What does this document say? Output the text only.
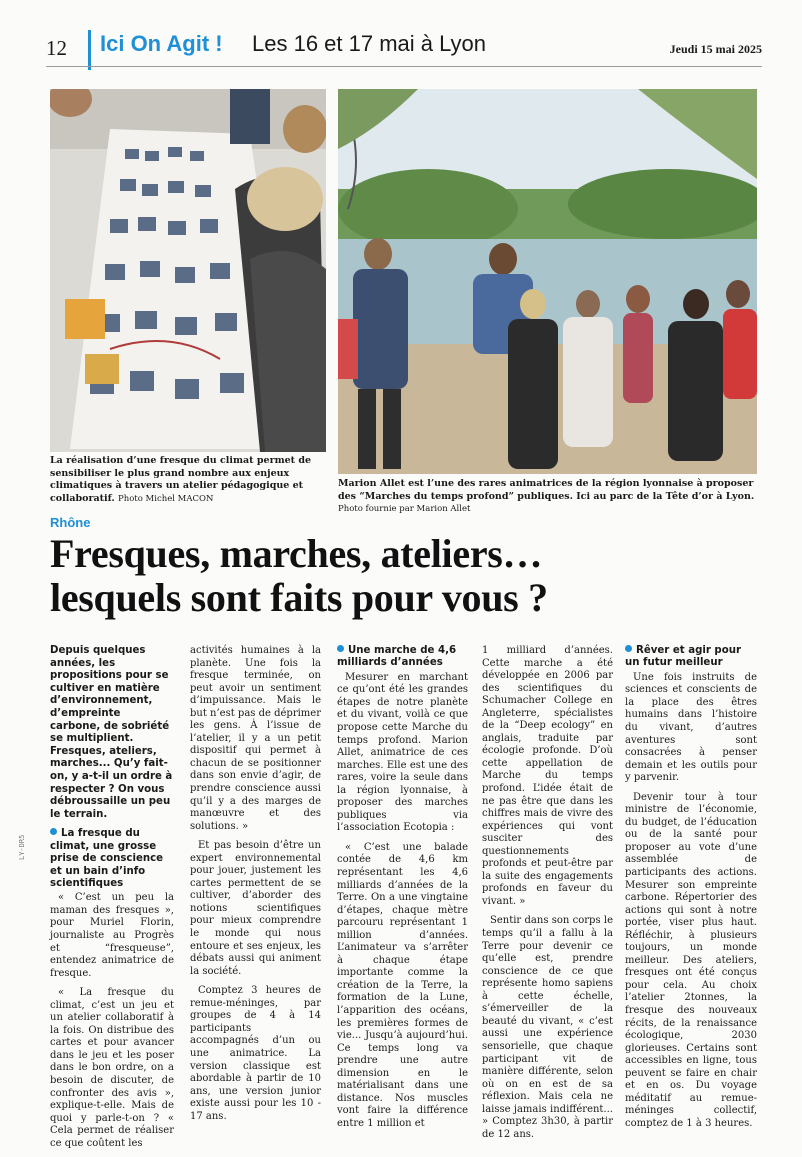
12 Ici On Agit ! Les 16 et 17 mai à Lyon	Jeudi 15 mai 2025
La réalisation d’une fresque du climat permet de sensibiliser le plus grand nombre aux enjeux climatiques à travers un atelier pédagogique et collaboratif. Photo Michel MACON
Marion Allet est l’une des rares animatrices de la région lyonnaise à proposer des “Marches du temps profond” publiques. Ici au parc de la Tête d’or à Lyon. Photo fournie par Marion Allet
Rhône
Fresques, marches, ateliers…
lesquels sont faits pour vous ?

Depuis quelques années, les propositions pour se cultiver en matière d’environnement, d’empreinte carbone, de sobriété se multiplient. Fresques, ateliers, marches... Qu’y fait-on, y a-t-il un ordre à respecter ? On vous débroussaille un peu le terrain.

La fresque du climat, une grosse prise de conscience et un bain d’info scientifiques

« C’est un peu la maman des fresques », pour Muriel Florin, journaliste au Progrès et “fresqueuse”, entendez animatrice de fresque.

« La fresque du climat, c’est un jeu et un atelier collaboratif à la fois. On distribue des cartes et pour avancer dans le jeu et les poser dans le bon ordre, on a besoin de discuter, de confronter des avis », explique-t-elle. Mais de quoi y parle-t-on ? « Cela permet de réaliser ce que coûtent les

activités humaines à la planète. Une fois la fresque terminée, on peut avoir un sentiment d’impuissance. Mais le but n’est pas de déprimer les gens. À l’issue de l’atelier, il y a un petit dispositif qui permet à chacun de se positionner dans son envie d’agir, de prendre conscience aussi qu’il y a des marges de manœuvre et des solutions. »

Et pas besoin d’être un expert environnemental pour jouer, justement les cartes permettent de se cultiver, d’aborder des notions scientifiques pour mieux comprendre le monde qui nous entoure et ses enjeux, les débats aussi qui animent la société.

Comptez 3 heures de remue-méninges, par groupes de 4 à 14 participants accompagnés d’un ou une animatrice. La version classique est abordable à partir de 10 ans, une version junior existe aussi pour les 10 - 17 ans.

Une marche de 4,6 milliards d’années

Mesurer en marchant ce qu’ont été les grandes étapes de notre planète et du vivant, voilà ce que propose cette Marche du temps profond. Marion Allet, animatrice de ces marches. Elle est une des rares, voire la seule dans la région lyonnaise, à proposer des marches publiques via l’association Ecotopia :

« C’est une balade contée de 4,6 km représentant les 4,6 milliards d’années de la Terre. On a une vingtaine d’étapes, chaque mètre parcouru représentant 1 million d’années. L’animateur va s’arrêter à chaque étape importante comme la création de la Terre, la formation de la Lune, l’apparition des océans, les premières formes de vie... Jusqu’à aujourd’hui. Ce temps long va prendre une autre dimension en le matérialisant dans une distance. Nos muscles vont faire la différence entre 1 million et

1 milliard d’années. Cette marche a été développée en 2006 par des scientifiques du Schumacher College en Angleterre, spécialistes de la “Deep ecology” en anglais, traduite par écologie profonde. D’où cette appellation de Marche du temps profond. L’idée était de ne pas être que dans les chiffres mais de vivre des expériences qui vont susciter des questionnements profonds et peut-être par la suite des engagements profonds en faveur du vivant. »

Sentir dans son corps le temps qu’il a fallu à la Terre pour devenir ce qu’elle est, prendre conscience de ce que représente homo sapiens à cette échelle, s’émerveiller de la beauté du vivant, « c’est aussi une expérience sensorielle, que chaque participant vit de manière différente, selon où on en est de sa réflexion. Mais cela ne laisse jamais indifférent... » Comptez 3h30, à partir de 12 ans.

Rêver et agir pour un futur meilleur

Une fois instruits de sciences et conscients de la place des êtres humains dans l’histoire du vivant, d’autres aventures sont consacrées à penser demain et les outils pour y parvenir.

Devenir tour à tour ministre de l’économie, du budget, de l’éducation ou de la santé pour proposer au vote d’une assemblée de participants des actions. Mesurer son empreinte carbone. Répertorier des actions qui sont à notre portée, viser plus haut. Réfléchir, à plusieurs toujours, un monde meilleur. Des ateliers, fresques ont été conçus pour cela. Au choix l’atelier 2tonnes, la fresque des nouveaux récits, de la renaissance écologique, 2030 glorieuses. Certains sont accessibles en ligne, tous peuvent se faire en chair et en os. Du voyage méditatif au remue-méninges collectif, comptez de 1 à 3 heures.

LY-DR5
